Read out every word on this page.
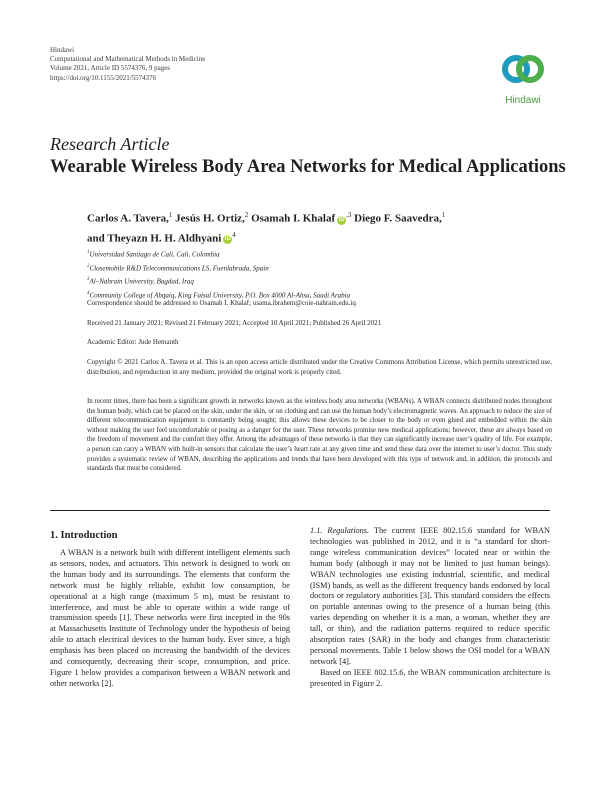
Hindawi
Computational and Mathematical Methods in Medicine
Volume 2021, Article ID 5574376, 9 pages
https://doi.org/10.1155/2021/5574376
Hindawi
Research Article
Wearable Wireless Body Area Networks for Medical Applications
Carlos A. Tavera,$^1$ Jesús H. Ortiz,$^2$ Osamah I. Khalaf $iD^{,3}$ Diego F. Saavedra,$^1$
and Theyazn H. H. Aldhyani $iD^4$
$^1$Universidad Santiago de Cali, Cali, Colombia
$^2$Closemobile R&D Telecommunications LS, Fuenlabrada, Spain
$^3$Al–Nahrain University, Bagdad, Iraq
$^4$Community College of Abqaiq, King Faisal University, P.O. Box 4000 Al-Ahsa, Saudi Arabia
Correspondence should be addressed to Osamah I. Khalaf; usama.ibrahem@coie-nahrain.edu.iq
Received 21 January 2021; Revised 21 February 2021; Accepted 10 April 2021; Published 26 April 2021
Academic Editor: Jude Hemanth
Copyright © 2021 Carlos A. Tavera et al. This is an open access article distributed under the Creative Commons Attribution License, which permits unrestricted use, distribution, and reproduction in any medium, provided the original work is properly cited.
In recent times, there has been a significant growth in networks known as the wireless body area networks (WBANs). A WBAN connects distributed nodes throughout the human body, which can be placed on the skin, under the skin, or on clothing and can use the human body’s electromagnetic waves. An approach to reduce the size of different telecommunication equipment is constantly being sought; this allows these devices to be closer to the body or even glued and embedded within the skin without making the user feel uncomfortable or posing as a danger for the user. These networks promise new medical applications; however, these are always based on the freedom of movement and the comfort they offer. Among the advantages of these networks is that they can significantly increase user’s quality of life. For example, a person can carry a WBAN with built-in sensors that calculate the user’s heart rate at any given time and send these data over the internet to user’s doctor. This study provides a systematic review of WBAN, describing the applications and trends that have been developed with this type of network and, in addition, the protocols and standards that must be considered.
1. Introduction
A WBAN is a network built with different intelligent elements such as sensors, nodes, and actuators. This network is designed to work on the human body and its surroundings. The elements that conform the network must be highly reliable, exhibit low consumption, be operational at a high range (maximum 5 m), must be resistant to interference, and must be able to operate within a wide range of transmission speeds [1]. These networks were first incepted in the 90s at Massachusetts Institute of Technology under the hypothesis of being able to attach electrical devices to the human body. Ever since, a high emphasis has been placed on increasing the bandwidth of the devices and consequently, decreasing their scope, consumption, and price. Figure 1 below provides a comparison between a WBAN network and other networks [2].

1.1. Regulations. The current IEEE 802.15.6 standard for WBAN technologies was published in 2012, and it is “a standard for short-range wireless communication devices” located near or within the human body (although it may not be limited to just human beings). WBAN technologies use existing industrial, scientific, and medical (ISM) bands, as well as the different frequency bands endorsed by local doctors or regulatory authorities [3]. This standard considers the effects on portable antennas owing to the presence of a human being (this varies depending on whether it is a man, a woman, whether they are tall, or thin), and the radiation patterns required to reduce specific absorption rates (SAR) in the body and changes from characteristic personal movements. Table 1 below shows the OSI model for a WBAN network [4].

Based on IEEE 802.15.6, the WBAN communication architecture is presented in Figure 2.
